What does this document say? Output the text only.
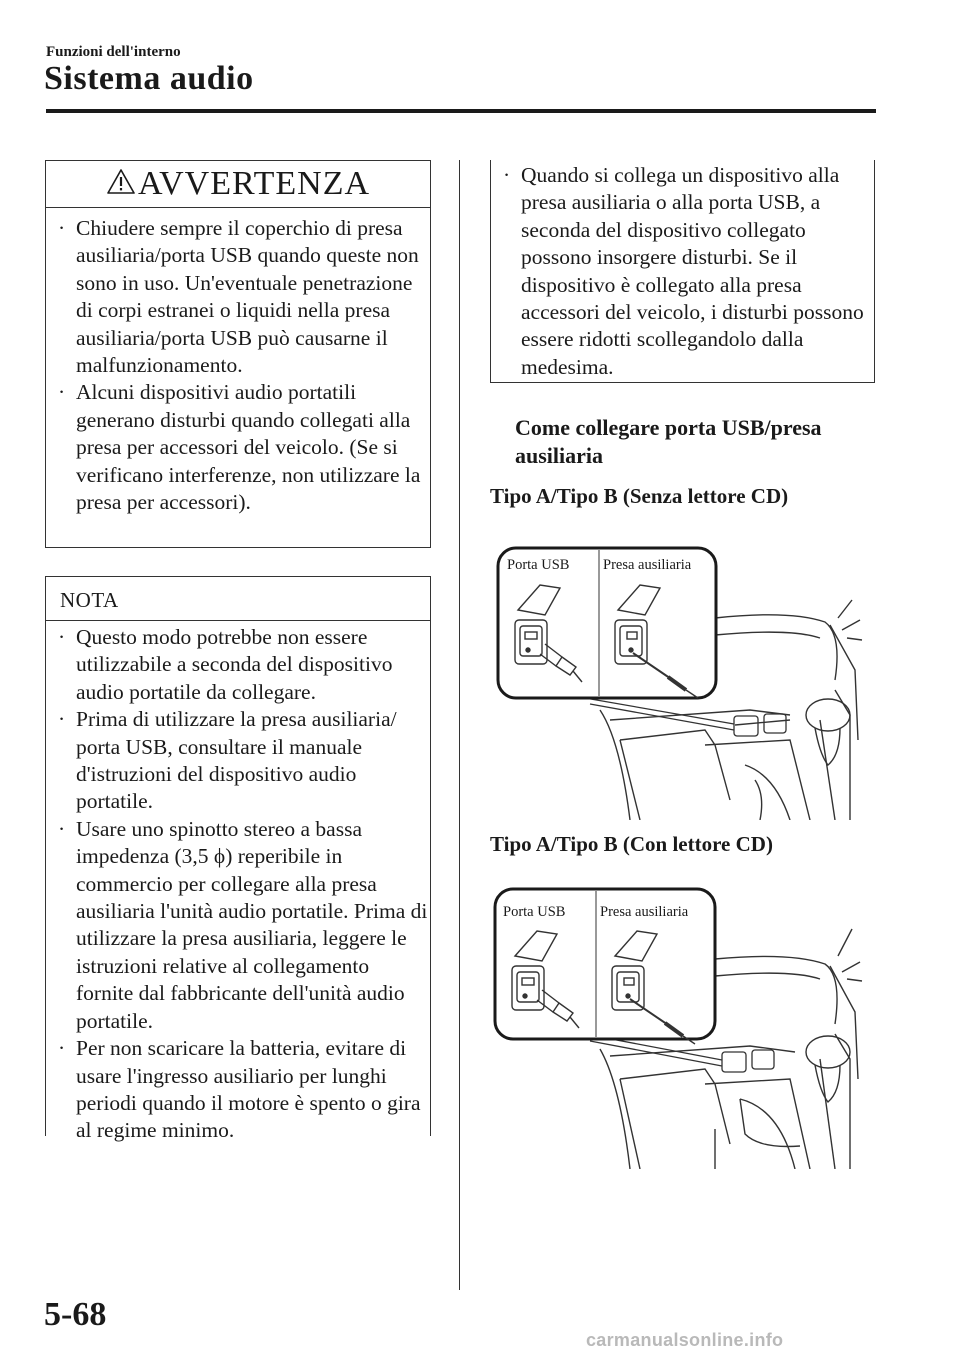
Funzioni dell'interno
Sistema audio
AVVERTENZA
· Chiudere sempre il coperchio di presa ausiliaria/porta USB quando queste non sono in uso. Un'eventuale penetrazione di corpi estranei o liquidi nella presa ausiliaria/porta USB può causarne il malfunzionamento.
· Alcuni dispositivi audio portatili generano disturbi quando collegati alla presa per accessori del veicolo. (Se si verificano interferenze, non utilizzare la presa per accessori).
NOTA
· Questo modo potrebbe non essere utilizzabile a seconda del dispositivo audio portatile da collegare.
· Prima di utilizzare la presa ausiliaria/ porta USB, consultare il manuale d'istruzioni del dispositivo audio portatile.
· Usare uno spinotto stereo a bassa impedenza (3,5 ϕ) reperibile in commercio per collegare alla presa ausiliaria l'unità audio portatile. Prima di utilizzare la presa ausiliaria, leggere le istruzioni relative al collegamento fornite dal fabbricante dell'unità audio portatile.
· Per non scaricare la batteria, evitare di usare l'ingresso ausiliario per lunghi periodi quando il motore è spento o gira al regime minimo.
· Quando si collega un dispositivo alla presa ausiliaria o alla porta USB, a seconda del dispositivo collegato possono insorgere disturbi. Se il dispositivo è collegato alla presa accessori del veicolo, i disturbi possono essere ridotti scollegandolo dalla medesima.
Come collegare porta USB/presa ausiliaria
Tipo A/Tipo B (Senza lettore CD)
Porta USB Presa ausiliaria
Tipo A/Tipo B (Con lettore CD)
Porta USB Presa ausiliaria
5-68
carmanualsonline.info
